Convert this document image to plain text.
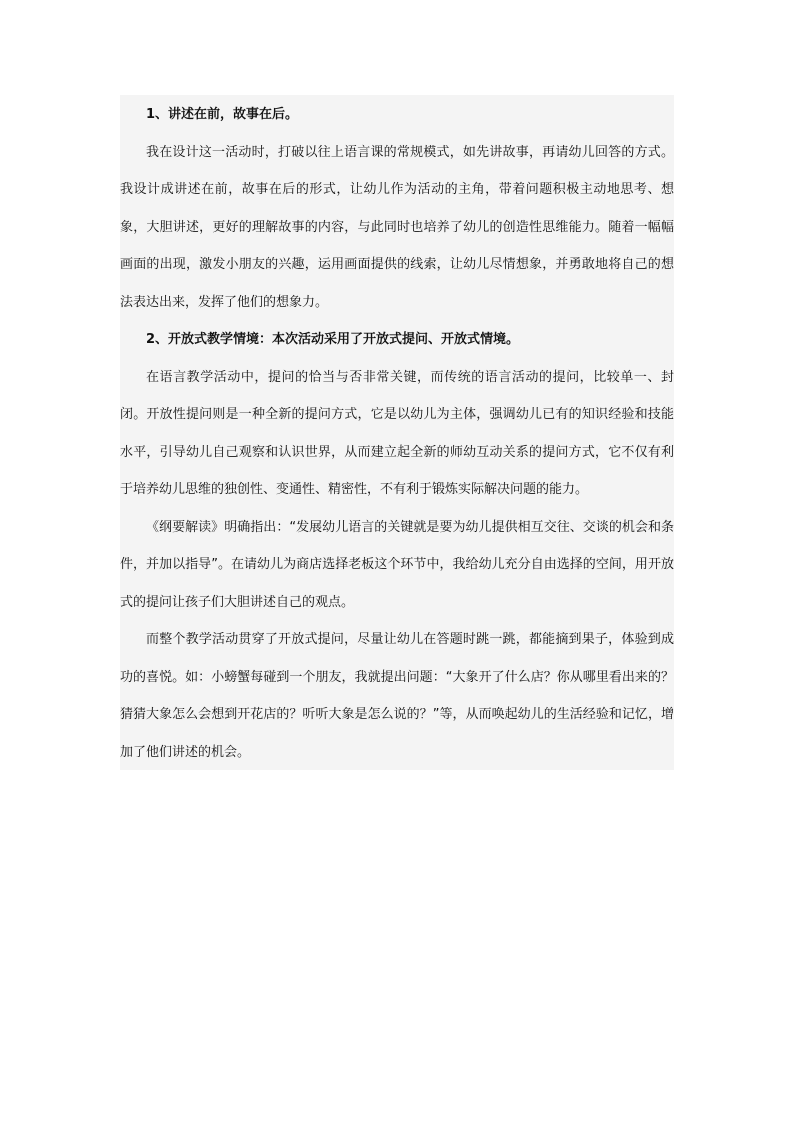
1、讲述在前，故事在后。

我在设计这一活动时，打破以往上语言课的常规模式，如先讲故事，再请幼儿回答的方式。我设计成讲述在前，故事在后的形式，让幼儿作为活动的主角，带着问题积极主动地思考、想象，大胆讲述，更好的理解故事的内容，与此同时也培养了幼儿的创造性思维能力。随着一幅幅画面的出现，激发小朋友的兴趣，运用画面提供的线索，让幼儿尽情想象，并勇敢地将自己的想法表达出来，发挥了他们的想象力。

2、开放式教学情境：本次活动采用了开放式提问、开放式情境。

在语言教学活动中，提问的恰当与否非常关键，而传统的语言活动的提问，比较单一、封闭。开放性提问则是一种全新的提问方式，它是以幼儿为主体，强调幼儿已有的知识经验和技能水平，引导幼儿自己观察和认识世界，从而建立起全新的师幼互动关系的提问方式，它不仅有利于培养幼儿思维的独创性、变通性、精密性，不有利于锻炼实际解决问题的能力。

《纲要解读》明确指出：“发展幼儿语言的关键就是要为幼儿提供相互交往、交谈的机会和条件，并加以指导”。在请幼儿为商店选择老板这个环节中，我给幼儿充分自由选择的空间，用开放式的提问让孩子们大胆讲述自己的观点。

而整个教学活动贯穿了开放式提问，尽量让幼儿在答题时跳一跳，都能摘到果子，体验到成功的喜悦。如：小螃蟹每碰到一个朋友，我就提出问题：“大象开了什么店？你从哪里看出来的？猜猜大象怎么会想到开花店的？听听大象是怎么说的？”等，从而唤起幼儿的生活经验和记忆，增加了他们讲述的机会。
